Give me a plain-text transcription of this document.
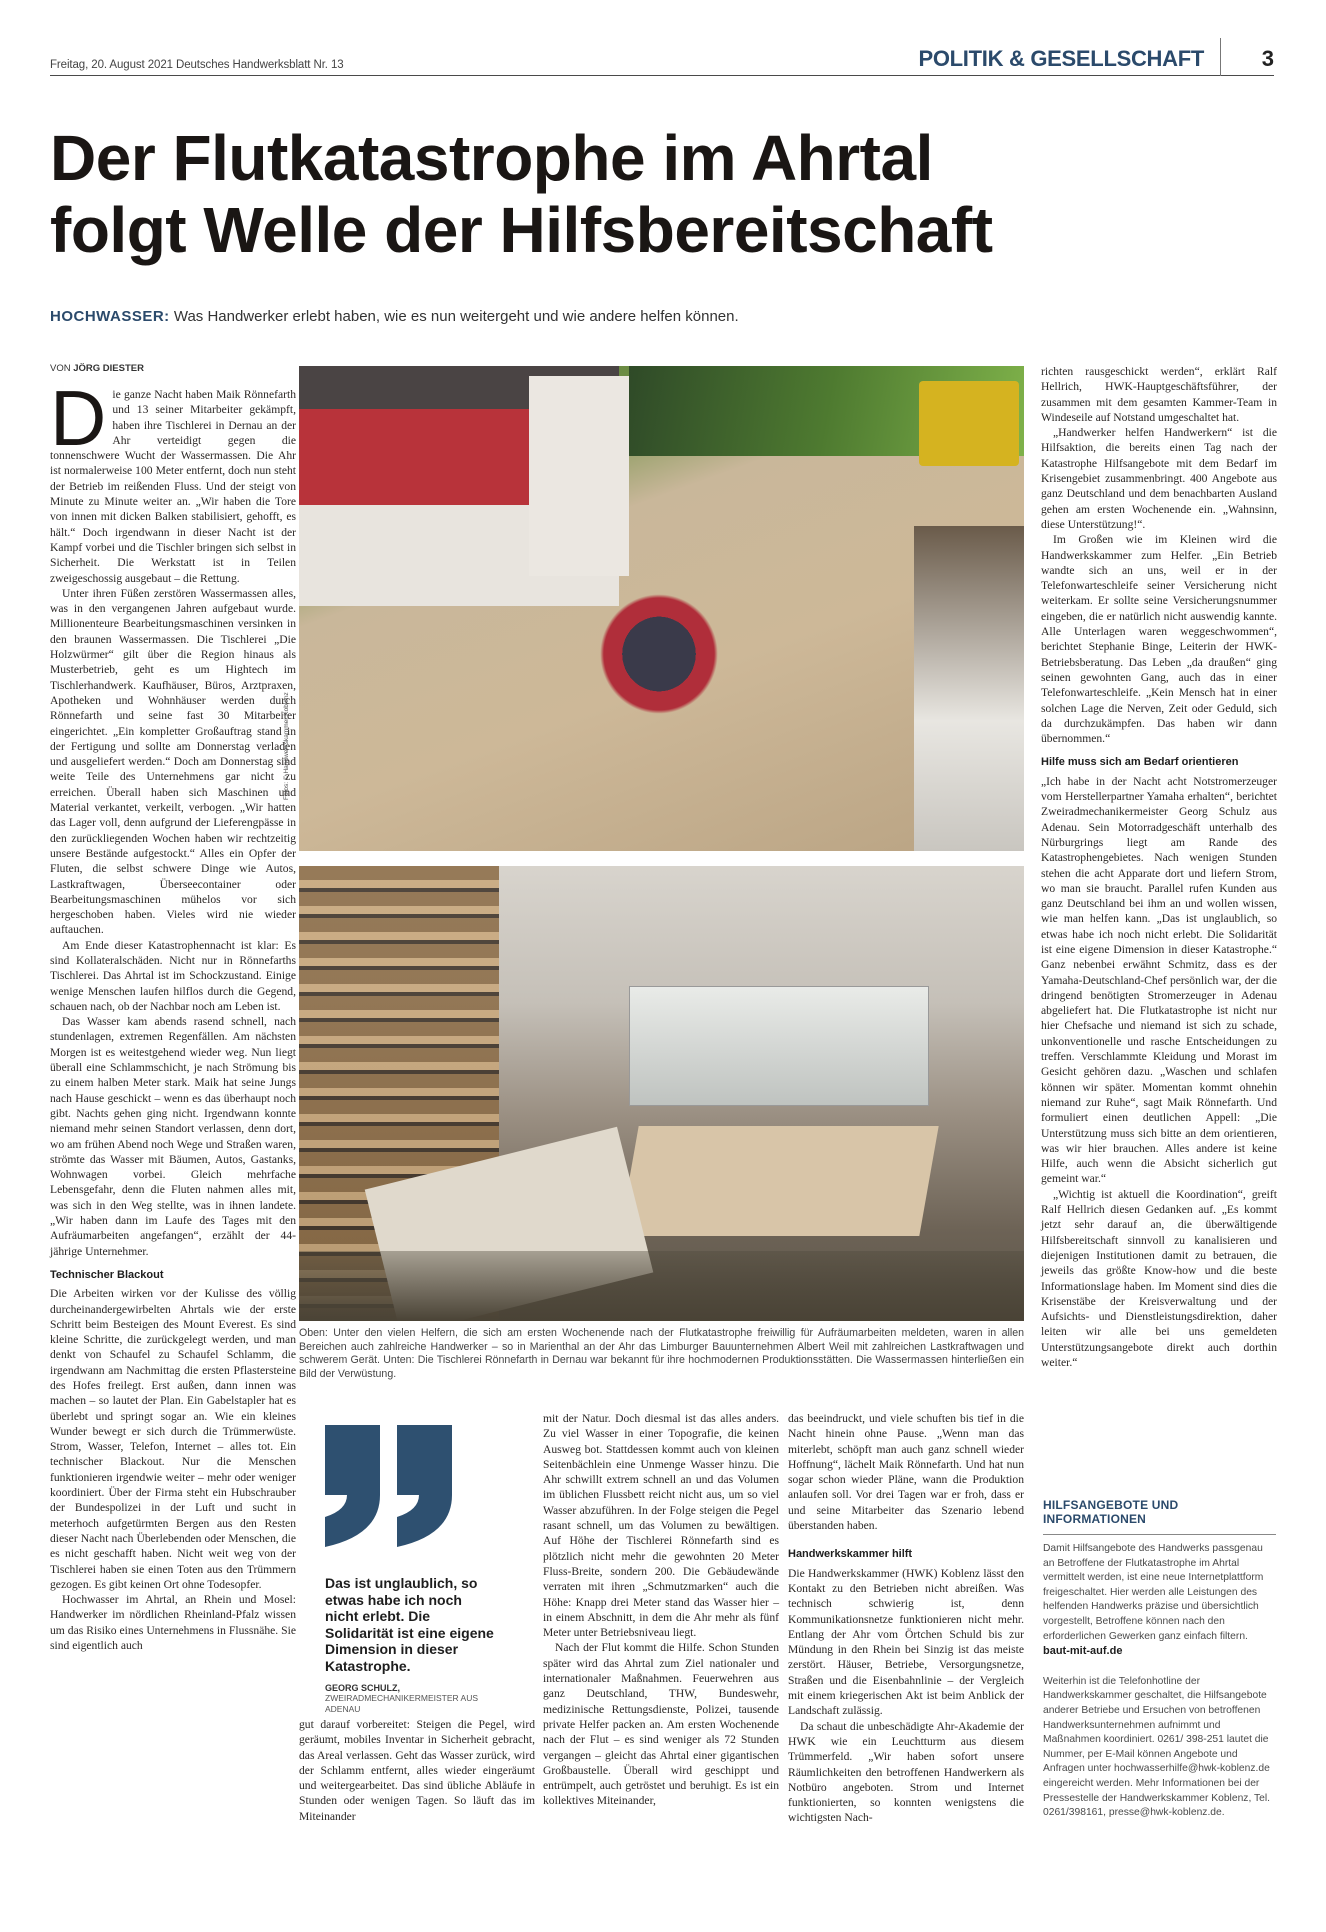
Freitag, 20. August 2021 Deutsches Handwerksblatt Nr. 13	POLITIK & GESELLSCHAFT	3
Der Flutkatastrophe im Ahrtal
folgt Welle der Hilfsbereitschaft
HOCHWASSER: Was Handwerker erlebt haben, wie es nun weitergeht und wie andere helfen können.
VON JÖRG DIESTER

Die ganze Nacht haben Maik Rönnefarth und 13 seiner Mitarbeiter gekämpft, haben ihre Tischlerei in Dernau an der Ahr verteidigt gegen die tonnenschwere Wucht der Wassermassen. Die Ahr ist normalerweise 100 Meter entfernt, doch nun steht der Betrieb im reißenden Fluss. Und der steigt von Minute zu Minute weiter an. „Wir haben die Tore von innen mit dicken Balken stabilisiert, gehofft, es hält.“ Doch irgendwann in dieser Nacht ist der Kampf vorbei und die Tischler bringen sich selbst in Sicherheit. Die Werkstatt ist in Teilen zweigeschossig ausgebaut – die Rettung.

Unter ihren Füßen zerstören Wassermassen alles, was in den vergangenen Jahren aufgebaut wurde. Millionenteure Bearbeitungsmaschinen versinken in den braunen Wassermassen. Die Tischlerei „Die Holzwürmer“ gilt über die Region hinaus als Musterbetrieb, geht es um Hightech im Tischlerhandwerk. Kaufhäuser, Büros, Arztpraxen, Apotheken und Wohnhäuser werden durch Rönnefarth und seine fast 30 Mitarbeiter eingerichtet. „Ein kompletter Großauftrag stand in der Fertigung und sollte am Donnerstag verladen und ausgeliefert werden.“ Doch am Donnerstag sind weite Teile des Unternehmens gar nicht zu erreichen. Überall haben sich Maschinen und Material verkantet, verkeilt, verbogen. „Wir hatten das Lager voll, denn aufgrund der Lieferengpässe in den zurückliegenden Wochen haben wir rechtzeitig unsere Bestände aufgestockt.“ Alles ein Opfer der Fluten, die selbst schwere Dinge wie Autos, Lastkraftwagen, Überseecontainer oder Bearbeitungsmaschinen mühelos vor sich hergeschoben haben. Vieles wird nie wieder auftauchen.

Am Ende dieser Katastrophennacht ist klar: Es sind Kollateralschäden. Nicht nur in Rönnefarths Tischlerei. Das Ahrtal ist im Schockzustand. Einige wenige Menschen laufen hilflos durch die Gegend, schauen nach, ob der Nachbar noch am Leben ist.

Das Wasser kam abends rasend schnell, nach stundenlagen, extremen Regenfällen. Am nächsten Morgen ist es weitestgehend wieder weg. Nun liegt überall eine Schlammschicht, je nach Strömung bis zu einem halben Meter stark. Maik hat seine Jungs nach Hause geschickt – wenn es das überhaupt noch gibt. Nachts gehen ging nicht. Irgendwann konnte niemand mehr seinen Standort verlassen, denn dort, wo am frühen Abend noch Wege und Straßen waren, strömte das Wasser mit Bäumen, Autos, Gastanks, Wohnwagen vorbei. Gleich mehrfache Lebensgefahr, denn die Fluten nahmen alles mit, was sich in den Weg stellte, was in ihnen landete. „Wir haben dann im Laufe des Tages mit den Aufräumarbeiten angefangen“, erzählt der 44-jährige Unternehmer.

Technischer Blackout

Die Arbeiten wirken vor der Kulisse des völlig durcheinandergewirbelten Ahrtals wie der erste Schritt beim Besteigen des Mount Everest. Es sind kleine Schritte, die zurückgelegt werden, und man denkt von Schaufel zu Schaufel Schlamm, die irgendwann am Nachmittag die ersten Pflastersteine des Hofes freilegt. Erst außen, dann innen was machen – so lautet der Plan. Ein Gabelstapler hat es überlebt und springt sogar an. Wie ein kleines Wunder bewegt er sich durch die Trümmerwüste. Strom, Wasser, Telefon, Internet – alles tot. Ein technischer Blackout. Nur die Menschen funktionieren irgendwie weiter – mehr oder weniger koordiniert. Über der Firma steht ein Hubschrauber der Bundespolizei in der Luft und sucht in meterhoch aufgetürmten Bergen aus den Resten dieser Nacht nach Überlebenden oder Menschen, die es nicht geschafft haben. Nicht weit weg von der Tischlerei haben sie einen Toten aus den Trümmern gezogen. Es gibt keinen Ort ohne Todesopfer.

Hochwasser im Ahrtal, an Rhein und Mosel: Handwerker im nördlichen Rheinland-Pfalz wissen um das Risiko eines Unternehmens in Flussnähe. Sie sind eigentlich auch

Fotos: © Handwerkskammer Koblenz

Oben: Unter den vielen Helfern, die sich am ersten Wochenende nach der Flutkatastrophe freiwillig für Aufräumarbeiten meldeten, waren in allen Bereichen auch zahlreiche Handwerker – so in Marienthal an der Ahr das Limburger Bauunternehmen Albert Weil mit zahlreichen Lastkraftwagen und schwerem Gerät. Unten: Die Tischlerei Rönnefarth in Dernau war bekannt für ihre hochmodernen Produktionsstätten. Die Wassermassen hinterließen ein Bild der Verwüstung.

Das ist unglaublich, so etwas habe ich noch nicht erlebt. Die Solidarität ist eine eigene Dimension in dieser Katastrophe.
GEORG SCHULZ,
ZWEIRADMECHANIKERMEISTER AUS ADENAU

gut darauf vorbereitet: Steigen die Pegel, wird geräumt, mobiles Inventar in Sicherheit gebracht, das Areal verlassen. Geht das Wasser zurück, wird der Schlamm entfernt, alles wieder eingeräumt und weitergearbeitet. Das sind übliche Abläufe in Stunden oder wenigen Tagen. So läuft das im Miteinander

mit der Natur. Doch diesmal ist das alles anders. Zu viel Wasser in einer Topografie, die keinen Ausweg bot. Stattdessen kommt auch von kleinen Seitenbächlein eine Unmenge Wasser hinzu. Die Ahr schwillt extrem schnell an und das Volumen im üblichen Flussbett reicht nicht aus, um so viel Wasser abzuführen. In der Folge steigen die Pegel rasant schnell, um das Volumen zu bewältigen. Auf Höhe der Tischlerei Rönnefarth sind es plötzlich nicht mehr die gewohnten 20 Meter Fluss-Breite, sondern 200. Die Gebäudewände verraten mit ihren „Schmutzmarken“ auch die Höhe: Knapp drei Meter stand das Wasser hier – in einem Abschnitt, in dem die Ahr mehr als fünf Meter unter Betriebsniveau liegt.

Nach der Flut kommt die Hilfe. Schon Stunden später wird das Ahrtal zum Ziel nationaler und internationaler Maßnahmen. Feuerwehren aus ganz Deutschland, THW, Bundeswehr, medizinische Rettungsdienste, Polizei, tausende private Helfer packen an. Am ersten Wochenende nach der Flut – es sind weniger als 72 Stunden vergangen – gleicht das Ahrtal einer gigantischen Großbaustelle. Überall wird geschippt und entrümpelt, auch getröstet und beruhigt. Es ist ein kollektives Miteinander,

das beeindruckt, und viele schuften bis tief in die Nacht hinein ohne Pause. „Wenn man das miterlebt, schöpft man auch ganz schnell wieder Hoffnung“, lächelt Maik Rönnefarth. Und hat nun sogar schon wieder Pläne, wann die Produktion anlaufen soll. Vor drei Tagen war er froh, dass er und seine Mitarbeiter das Szenario lebend überstanden haben.

Handwerkskammer hilft

Die Handwerkskammer (HWK) Koblenz lässt den Kontakt zu den Betrieben nicht abreißen. Was technisch schwierig ist, denn Kommunikationsnetze funktionieren nicht mehr. Entlang der Ahr vom Örtchen Schuld bis zur Mündung in den Rhein bei Sinzig ist das meiste zerstört. Häuser, Betriebe, Versorgungsnetze, Straßen und die Eisenbahnlinie – der Vergleich mit einem kriegerischen Akt ist beim Anblick der Landschaft zulässig.

Da schaut die unbeschädigte Ahr-Akademie der HWK wie ein Leuchtturm aus diesem Trümmerfeld. „Wir haben sofort unsere Räumlichkeiten den betroffenen Handwerkern als Notbüro angeboten. Strom und Internet funktionierten, so konnten wenigstens die wichtigsten Nach-

richten rausgeschickt werden“, erklärt Ralf Hellrich, HWK-Hauptgeschäftsführer, der zusammen mit dem gesamten Kammer-Team in Windeseile auf Notstand umgeschaltet hat.

„Handwerker helfen Handwerkern“ ist die Hilfsaktion, die bereits einen Tag nach der Katastrophe Hilfsangebote mit dem Bedarf im Krisengebiet zusammenbringt. 400 Angebote aus ganz Deutschland und dem benachbarten Ausland gehen am ersten Wochenende ein. „Wahnsinn, diese Unterstützung!“.

Im Großen wie im Kleinen wird die Handwerkskammer zum Helfer. „Ein Betrieb wandte sich an uns, weil er in der Telefonwarteschleife seiner Versicherung nicht weiterkam. Er sollte seine Versicherungsnummer eingeben, die er natürlich nicht auswendig kannte. Alle Unterlagen waren weggeschwommen“, berichtet Stephanie Binge, Leiterin der HWK-Betriebsberatung. Das Leben „da draußen“ ging seinen gewohnten Gang, auch das in einer Telefonwarteschleife. „Kein Mensch hat in einer solchen Lage die Nerven, Zeit oder Geduld, sich da durchzukämpfen. Das haben wir dann übernommen.“

Hilfe muss sich am Bedarf orientieren

„Ich habe in der Nacht acht Notstromerzeuger vom Herstellerpartner Yamaha erhalten“, berichtet Zweiradmechanikermeister Georg Schulz aus Adenau. Sein Motorradgeschäft unterhalb des Nürburgrings liegt am Rande des Katastrophengebietes. Nach wenigen Stunden stehen die acht Apparate dort und liefern Strom, wo man sie braucht. Parallel rufen Kunden aus ganz Deutschland bei ihm an und wollen wissen, wie man helfen kann. „Das ist unglaublich, so etwas habe ich noch nicht erlebt. Die Solidarität ist eine eigene Dimension in dieser Katastrophe.“ Ganz nebenbei erwähnt Schmitz, dass es der Yamaha-Deutschland-Chef persönlich war, der die dringend benötigten Stromerzeuger in Adenau abgeliefert hat. Die Flutkatastrophe ist nicht nur hier Chefsache und niemand ist sich zu schade, unkonventionelle und rasche Entscheidungen zu treffen. Verschlammte Kleidung und Morast im Gesicht gehören dazu. „Waschen und schlafen können wir später. Momentan kommt ohnehin niemand zur Ruhe“, sagt Maik Rönnefarth. Und formuliert einen deutlichen Appell: „Die Unterstützung muss sich bitte an dem orientieren, was wir hier brauchen. Alles andere ist keine Hilfe, auch wenn die Absicht sicherlich gut gemeint war.“

„Wichtig ist aktuell die Koordination“, greift Ralf Hellrich diesen Gedanken auf. „Es kommt jetzt sehr darauf an, die überwältigende Hilfsbereitschaft sinnvoll zu kanalisieren und diejenigen Institutionen damit zu betrauen, die jeweils das größte Know-how und die beste Informationslage haben. Im Moment sind dies die Krisenstäbe der Kreisverwaltung und der Aufsichts- und Dienstleistungsdirektion, daher leiten wir alle bei uns gemeldeten Unterstützungsangebote direkt auch dorthin weiter.“

HILFSANGEBOTE UND INFORMATIONEN

Damit Hilfsangebote des Handwerks passgenau an Betroffene der Flutkatastrophe im Ahrtal vermittelt werden, ist eine neue Internetplattform freigeschaltet. Hier werden alle Leistungen des helfenden Handwerks präzise und übersichtlich vorgestellt, Betroffene können nach den erforderlichen Gewerken ganz einfach filtern.

baut-mit-auf.de

Weiterhin ist die Telefonhotline der Handwerkskammer geschaltet, die Hilfsangebote anderer Betriebe und Ersuchen von betroffenen Handwerksunternehmen aufnimmt und Maßnahmen koordiniert. 0261/ 398-251 lautet die Nummer, per E-Mail können Angebote und Anfragen unter hochwasserhilfe@hwk-koblenz.de eingereicht werden. Mehr Informationen bei der Pressestelle der Handwerkskammer Koblenz, Tel. 0261/398161, presse@hwk-koblenz.de.
